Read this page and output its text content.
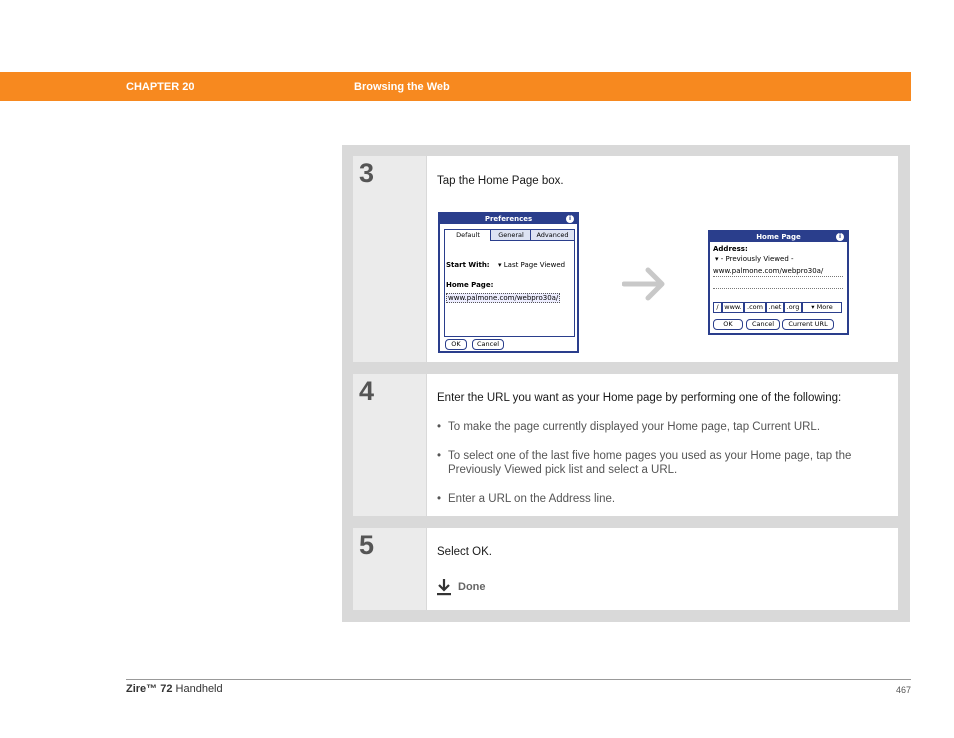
CHAPTER 20	Browsing the Web
3	Tap the Home Page box.
Preferences	i
Default	General	Advanced
Start With: ▾ Last Page Viewed
Home Page:
www.palmone.com/webpro30a/
OK	Cancel
Home Page	i
Address:
▾ - Previously Viewed -
www.palmone.com/webpro30a/
/ www. .com .net .org	▾ More
OK	Cancel	Current URL
4	Enter the URL you want as your Home page by performing one of the following:
• To make the page currently displayed your Home page, tap Current URL.
• To select one of the last five home pages you used as your Home page, tap the Previously Viewed pick list and select a URL.
• Enter a URL on the Address line.
5	Select OK.
Done
Zire™ 72 Handheld	467
